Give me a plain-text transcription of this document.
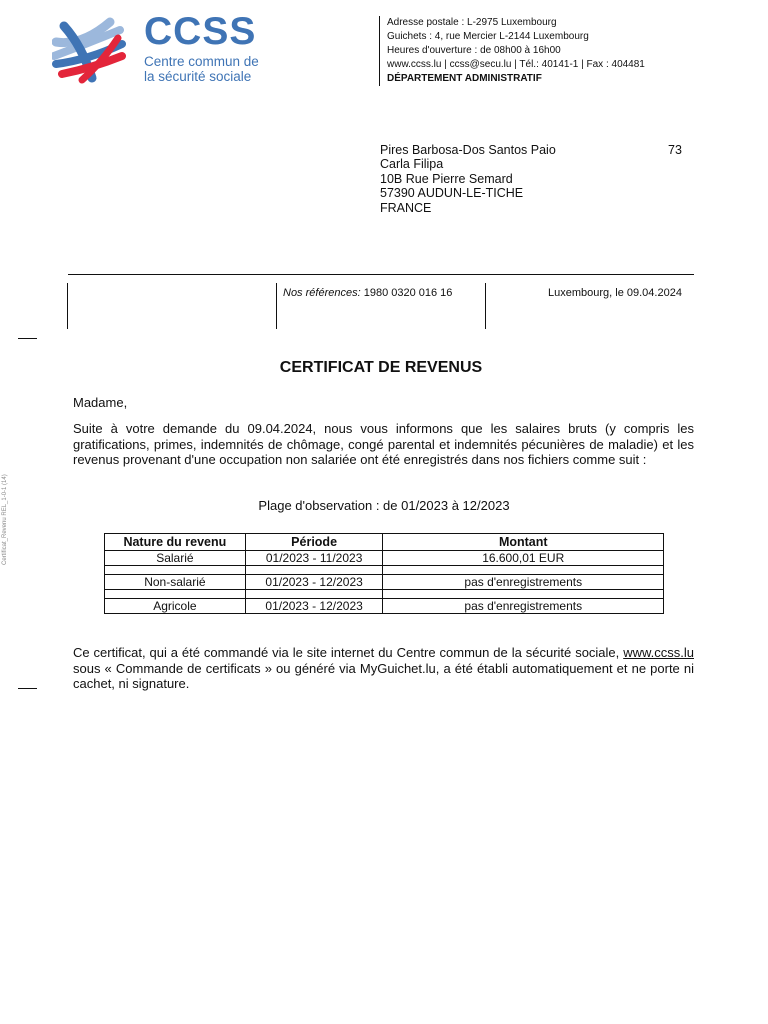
CCSS
Centre commun de
la sécurité sociale
Adresse postale : L-2975 Luxembourg
Guichets : 4, rue Mercier L-2144 Luxembourg
Heures d'ouverture : de 08h00 à 16h00
www.ccss.lu | ccss@secu.lu | Tél.: 40141-1 | Fax : 404481
DÉPARTEMENT ADMINISTRATIF
Pires Barbosa-Dos Santos Paio
Carla Filipa
10B Rue Pierre Semard
57390 AUDUN-LE-TICHE
FRANCE
73
Nos références: 1980 0320 016 16	Luxembourg, le 09.04.2024
Certificat_Revenu REL_1-0-1 (14)
CERTIFICAT DE REVENUS
Madame,
Suite à votre demande du 09.04.2024, nous vous informons que les salaires bruts (y compris les gratifications, primes, indemnités de chômage, congé parental et indemnités pécunières de maladie) et les revenus provenant d'une occupation non salariée ont été enregistrés dans nos fichiers comme suit :
Plage d'observation : de 01/2023 à 12/2023
Nature du revenu	Période	Montant
Salarié	01/2023 - 11/2023	16.600,01 EUR

Non-salarié	01/2023 - 12/2023	pas d'enregistrements

Agricole	01/2023 - 12/2023	pas d'enregistrements
Ce certificat, qui a été commandé via le site internet du Centre commun de la sécurité sociale, www.ccss.lu sous « Commande de certificats » ou généré via MyGuichet.lu, a été établi automatiquement et ne porte ni cachet, ni signature.
